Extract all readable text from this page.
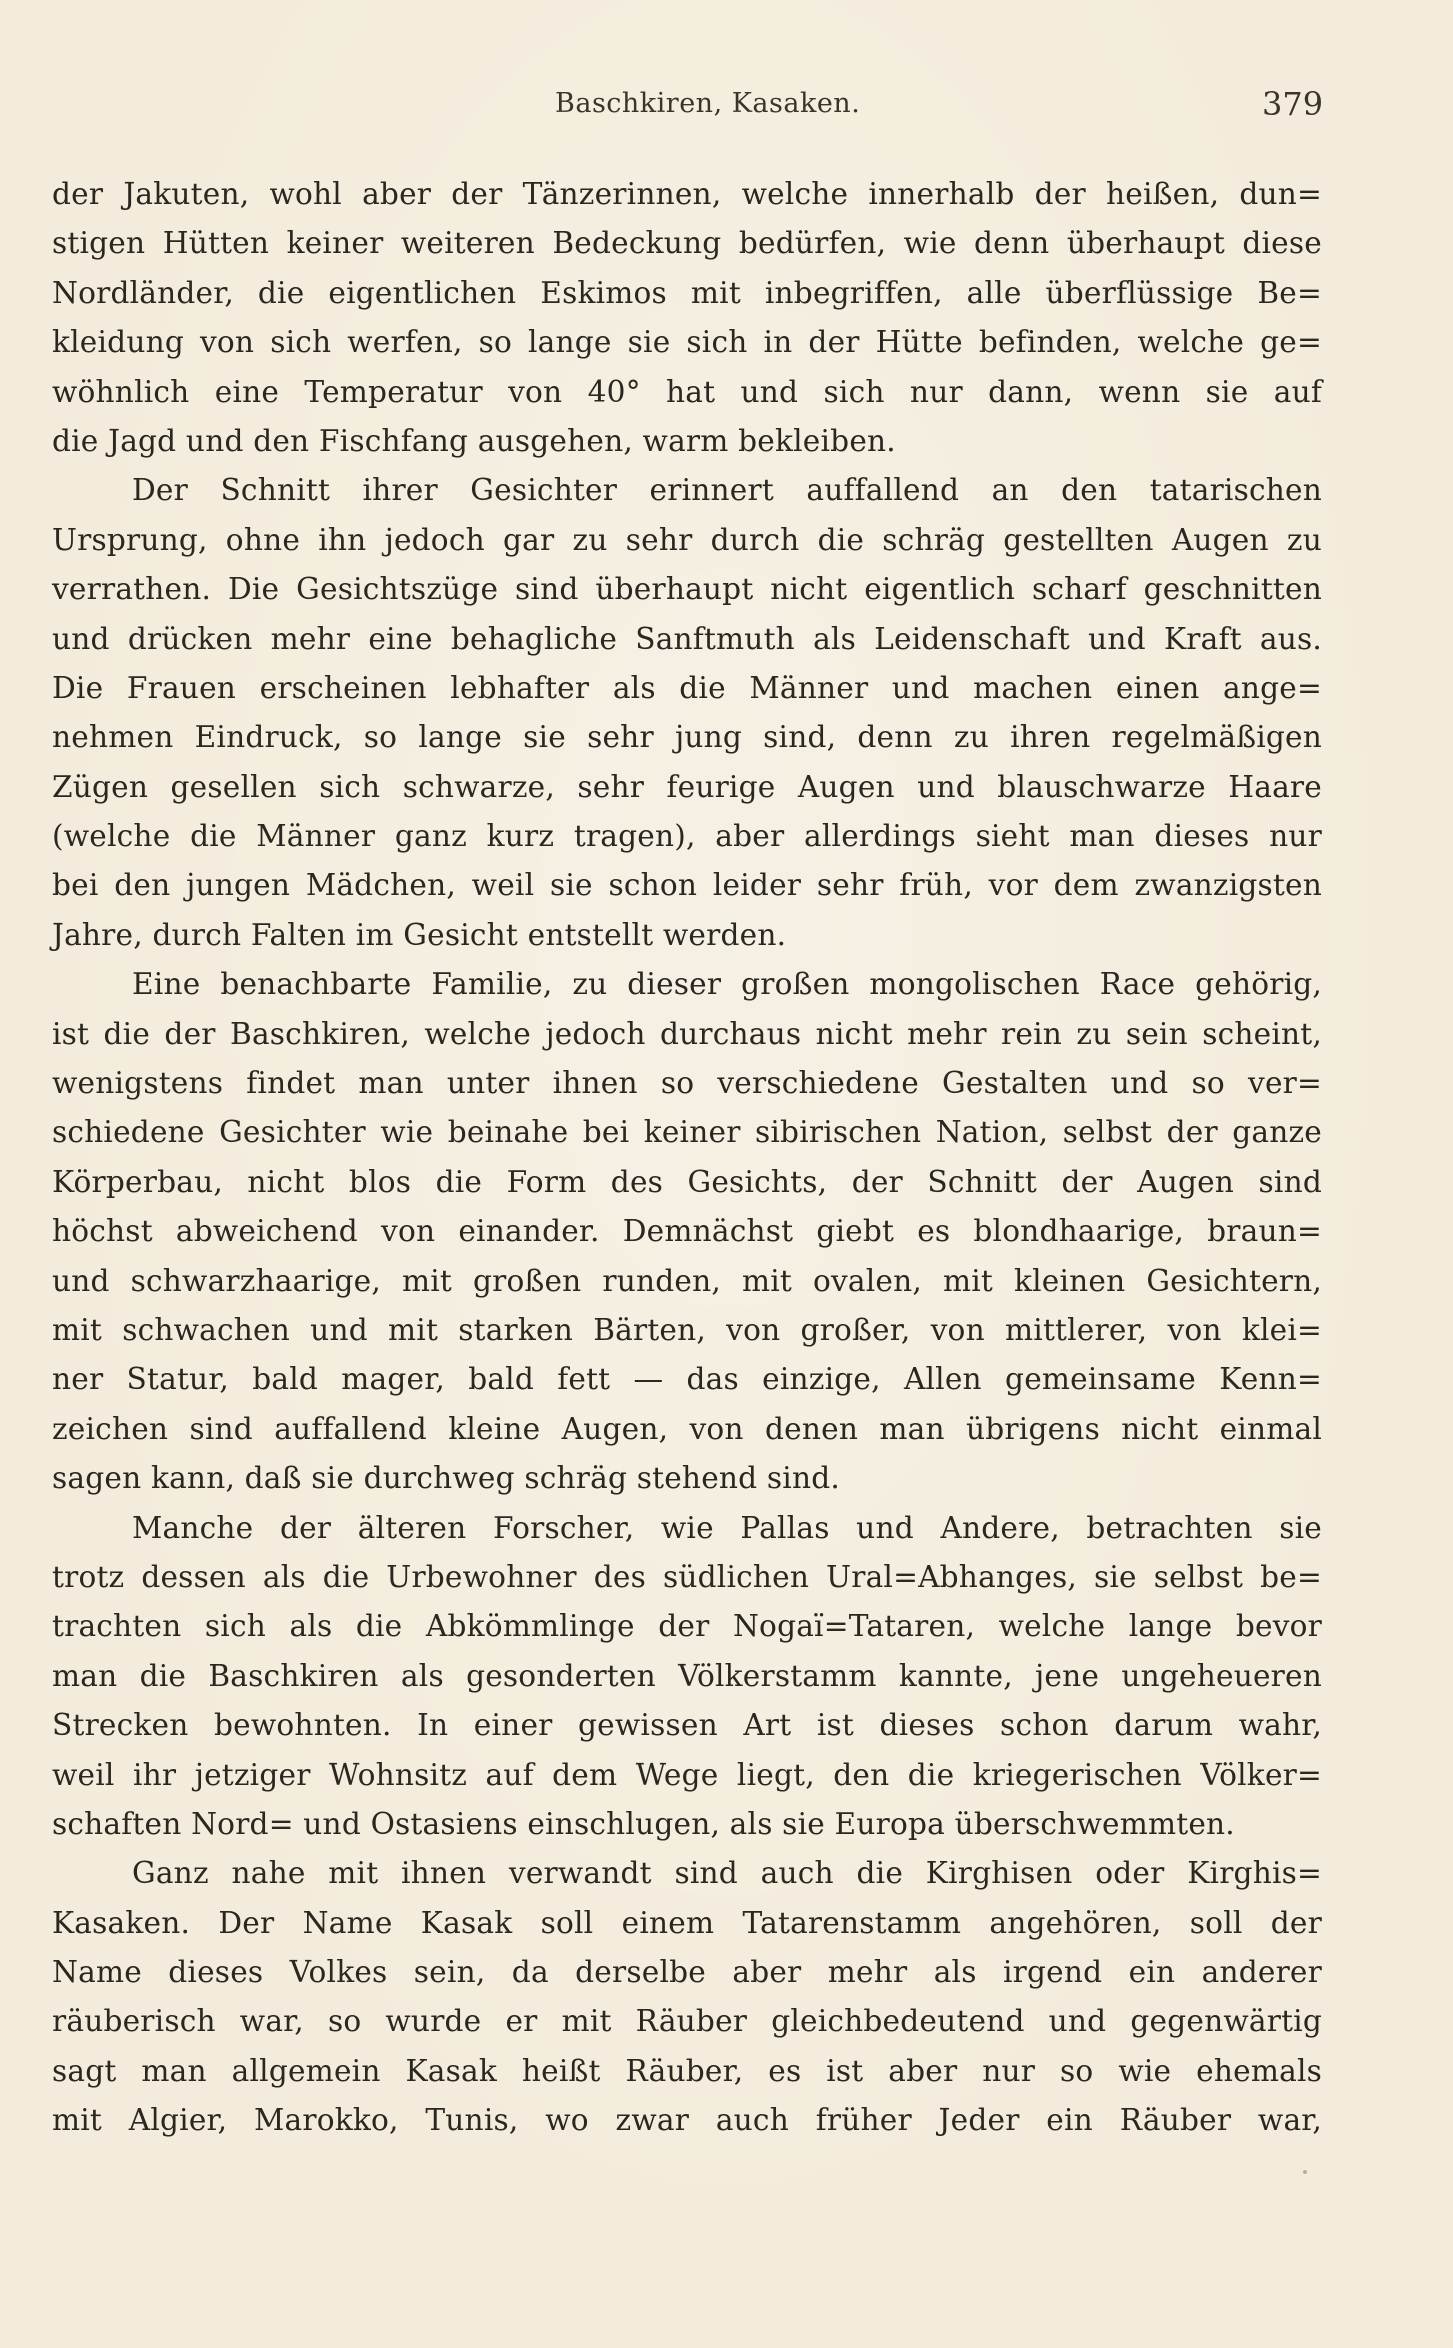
Baschkiren, Kasaken.	379
der Jakuten, wohl aber der Tänzerinnen, welche innerhalb der heißen, dun=
stigen Hütten keiner weiteren Bedeckung bedürfen, wie denn überhaupt diese
Nordländer, die eigentlichen Eskimos mit inbegriffen, alle überflüssige Be=
kleidung von sich werfen, so lange sie sich in der Hütte befinden, welche ge=
wöhnlich eine Temperatur von 40° hat und sich nur dann, wenn sie auf
die Jagd und den Fischfang ausgehen, warm bekleiben.
Der Schnitt ihrer Gesichter erinnert auffallend an den tatarischen
Ursprung, ohne ihn jedoch gar zu sehr durch die schräg gestellten Augen zu
verrathen. Die Gesichtszüge sind überhaupt nicht eigentlich scharf geschnitten
und drücken mehr eine behagliche Sanftmuth als Leidenschaft und Kraft aus.
Die Frauen erscheinen lebhafter als die Männer und machen einen ange=
nehmen Eindruck, so lange sie sehr jung sind, denn zu ihren regelmäßigen
Zügen gesellen sich schwarze, sehr feurige Augen und blauschwarze Haare
(welche die Männer ganz kurz tragen), aber allerdings sieht man dieses nur
bei den jungen Mädchen, weil sie schon leider sehr früh, vor dem zwanzigsten
Jahre, durch Falten im Gesicht entstellt werden.
Eine benachbarte Familie, zu dieser großen mongolischen Race gehörig,
ist die der Baschkiren, welche jedoch durchaus nicht mehr rein zu sein scheint,
wenigstens findet man unter ihnen so verschiedene Gestalten und so ver=
schiedene Gesichter wie beinahe bei keiner sibirischen Nation, selbst der ganze
Körperbau, nicht blos die Form des Gesichts, der Schnitt der Augen sind
höchst abweichend von einander. Demnächst giebt es blondhaarige, braun=
und schwarzhaarige, mit großen runden, mit ovalen, mit kleinen Gesichtern,
mit schwachen und mit starken Bärten, von großer, von mittlerer, von klei=
ner Statur, bald mager, bald fett — das einzige, Allen gemeinsame Kenn=
zeichen sind auffallend kleine Augen, von denen man übrigens nicht einmal
sagen kann, daß sie durchweg schräg stehend sind.
Manche der älteren Forscher, wie Pallas und Andere, betrachten sie
trotz dessen als die Urbewohner des südlichen Ural=Abhanges, sie selbst be=
trachten sich als die Abkömmlinge der Nogaï=Tataren, welche lange bevor
man die Baschkiren als gesonderten Völkerstamm kannte, jene ungeheueren
Strecken bewohnten. In einer gewissen Art ist dieses schon darum wahr,
weil ihr jetziger Wohnsitz auf dem Wege liegt, den die kriegerischen Völker=
schaften Nord= und Ostasiens einschlugen, als sie Europa überschwemmten.
Ganz nahe mit ihnen verwandt sind auch die Kirghisen oder Kirghis=
Kasaken. Der Name Kasak soll einem Tatarenstamm angehören, soll der
Name dieses Volkes sein, da derselbe aber mehr als irgend ein anderer
räuberisch war, so wurde er mit Räuber gleichbedeutend und gegenwärtig
sagt man allgemein Kasak heißt Räuber, es ist aber nur so wie ehemals
mit Algier, Marokko, Tunis, wo zwar auch früher Jeder ein Räuber war,
